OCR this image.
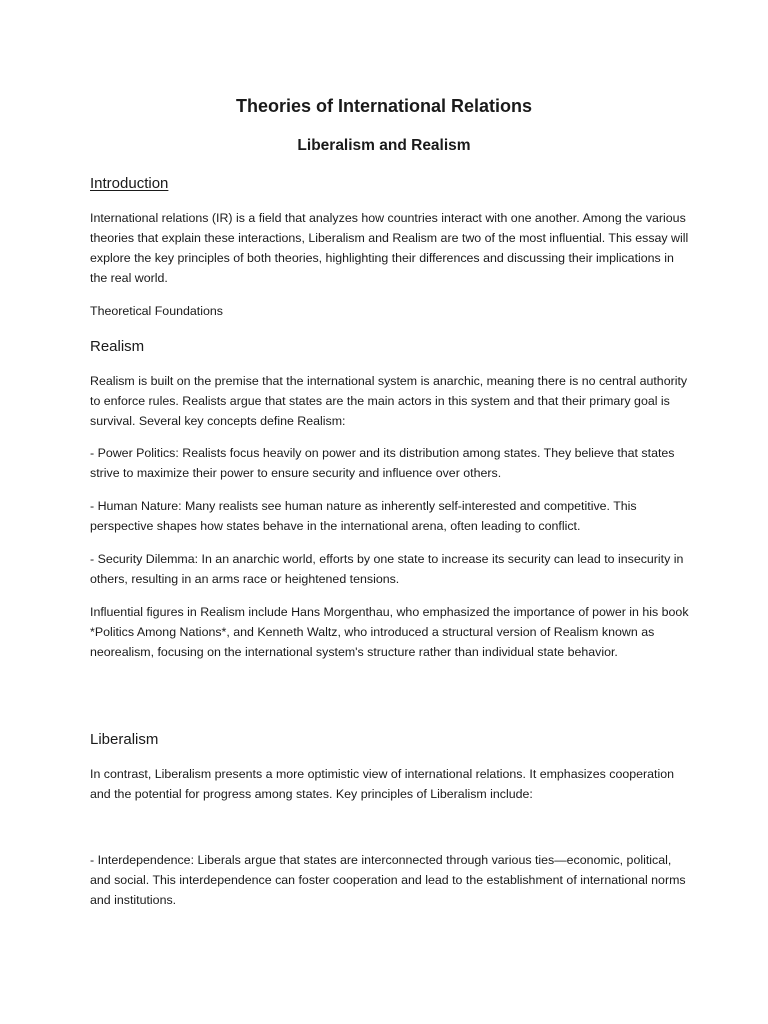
Theories of International Relations
Liberalism and Realism
Introduction

International relations (IR) is a field that analyzes how countries interact with one another. Among the various theories that explain these interactions, Liberalism and Realism are two of the most influential. This essay will explore the key principles of both theories, highlighting their differences and discussing their implications in the real world.

Theoretical Foundations

Realism

Realism is built on the premise that the international system is anarchic, meaning there is no central authority to enforce rules. Realists argue that states are the main actors in this system and that their primary goal is survival. Several key concepts define Realism:

- Power Politics: Realists focus heavily on power and its distribution among states. They believe that states strive to maximize their power to ensure security and influence over others.

- Human Nature: Many realists see human nature as inherently self-interested and competitive. This perspective shapes how states behave in the international arena, often leading to conflict.

- Security Dilemma: In an anarchic world, efforts by one state to increase its security can lead to insecurity in others, resulting in an arms race or heightened tensions.

Influential figures in Realism include Hans Morgenthau, who emphasized the importance of power in his book *Politics Among Nations*, and Kenneth Waltz, who introduced a structural version of Realism known as neorealism, focusing on the international system's structure rather than individual state behavior.

Liberalism

In contrast, Liberalism presents a more optimistic view of international relations. It emphasizes cooperation and the potential for progress among states. Key principles of Liberalism include:

- Interdependence: Liberals argue that states are interconnected through various ties—economic, political, and social. This interdependence can foster cooperation and lead to the establishment of international norms and institutions.
